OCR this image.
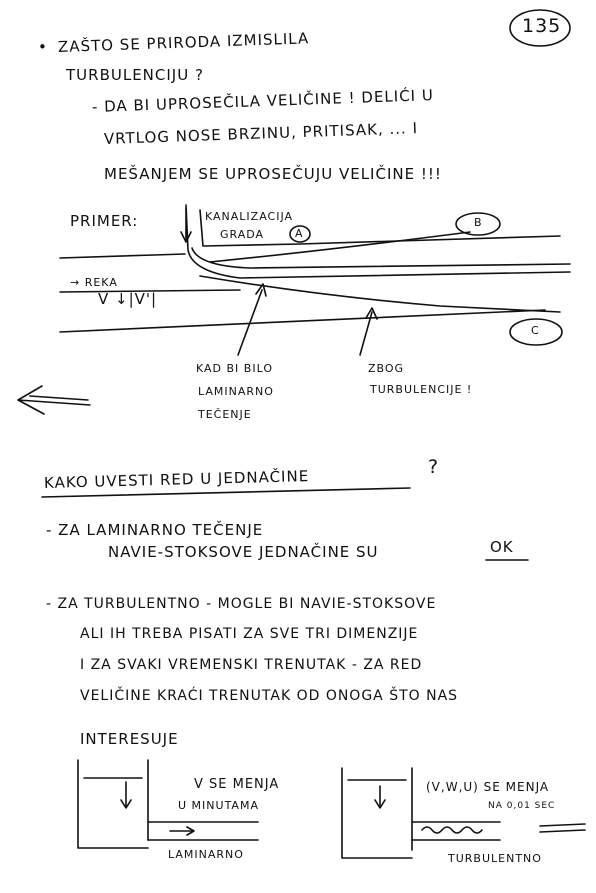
135
• ZAŠTO SE PRIRODA IZMISLILA
TURBULENCIJU ?
- DA BI UPROSEČILA VELIČINE ! DELIĆI U
VRTLOG NOSE BRZINU, PRITISAK, ... I
MEŠANJEM SE UPROSEČUJU VELIČINE !!!
PRIMER:	KANALIZACIJA
GRADA	A
B
C
→ REKA
V ↓|V'|
KAD BI BILO
LAMINARNO
TEČENJE
ZBOG
TURBULENCIJE !
KAKO UVESTI RED U JEDNAČINE
?
- ZA LAMINARNO TEČENJE
NAVIE-STOKSOVE JEDNAČINE SU	OK
- ZA TURBULENTNO - MOGLE BI NAVIE-STOKSOVE
ALI IH TREBA PISATI ZA SVE TRI DIMENZIJE
I ZA SVAKI VREMENSKI TRENUTAK - ZA RED
VELIČINE KRAĆI TRENUTAK OD ONOGA ŠTO NAS
INTERESUJE
V SE MENJA
U MINUTAMA
LAMINARNO
(V,W,U) SE MENJA
NA 0,01 SEC
TURBULENTNO
